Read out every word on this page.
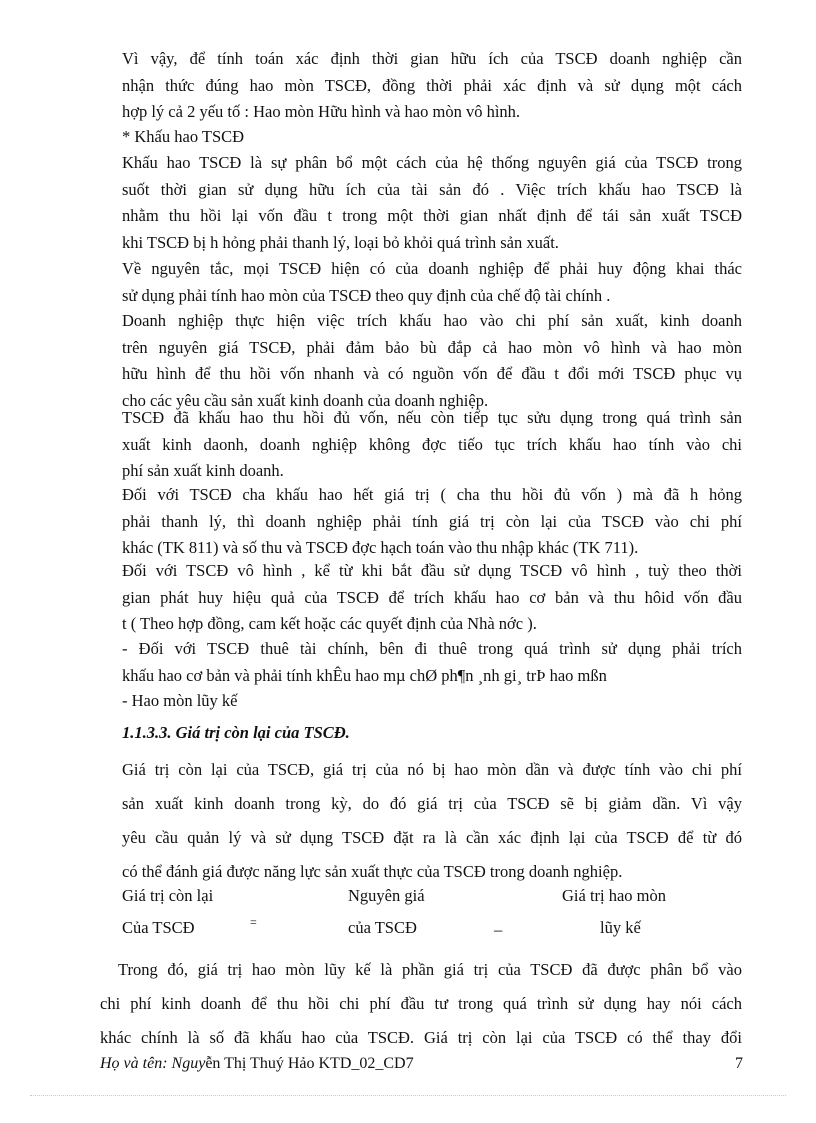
Vì vậy, để tính toán xác định thời gian hữu ích của TSCĐ doanh nghiệp cần
nhận thức đúng hao mòn TSCĐ, đồng thời phải xác định và sử dụng một cách
hợp lý cả 2 yếu tố : Hao mòn Hữu hình và hao mòn vô hình.
* Khấu hao TSCĐ
Khấu hao TSCĐ là sự phân bổ một cách của hệ thống nguyên giá của TSCĐ trong
suốt thời gian sử dụng hữu ích của tài sản đó . Việc trích khấu hao TSCĐ là
nhằm thu hồi lại vốn đầu t trong một thời gian nhất định để tái sản xuất TSCĐ
khi TSCĐ bị h hỏng phải thanh lý, loại bỏ khỏi quá trình sản xuất.
Về nguyên tắc, mọi TSCĐ hiện có của doanh nghiệp để phải huy động khai thác
sử dụng phải tính hao mòn của TSCĐ theo quy định của chế độ tài chính .
Doanh nghiệp thực hiện việc trích khấu hao vào chi phí sản xuất, kinh doanh
trên nguyên giá TSCĐ, phải đảm bảo bù đắp cả hao mòn vô hình và hao mòn
hữu hình để thu hồi vốn nhanh và có nguồn vốn để đầu t đổi mới TSCĐ phục vụ
cho các yêu cầu sản xuất kinh doanh của doanh nghiệp.
TSCĐ đã khấu hao thu hồi đủ vốn, nếu còn tiếp tục sửu dụng trong quá trình sản
xuất kinh daonh, doanh nghiệp không đợc tiếo tục trích khấu hao tính vào chi
phí sản xuất kinh doanh.
Đối với TSCĐ cha khấu hao hết giá trị ( cha thu hồi đủ vốn ) mà đã h hỏng
phải thanh lý, thì doanh nghiệp phải tính giá trị còn lại của TSCĐ vào chi phí
khác (TK 811) và số thu và TSCĐ đợc hạch toán vào thu nhập khác (TK 711).
Đối với TSCĐ vô hình , kể từ khi bắt đầu sử dụng TSCĐ vô hình , tuỳ theo thời
gian phát huy hiệu quả của TSCĐ để trích khấu hao cơ bản và thu hôid vốn đầu
t ( Theo hợp đồng, cam kết hoặc các quyết định của Nhà nớc ).
- Đối với TSCĐ thuê tài chính, bên đi thuê trong quá trình sử dụng phải trích
khấu hao cơ bản và phải tính khÊu hao mµ chØ ph¶n ¸nh gi¸ trÞ hao mßn
- Hao mòn lũy kế
1.1.3.3. Giá trị còn lại của TSCĐ.
Giá trị còn lại của TSCĐ, giá trị của nó bị hao mòn dần và được tính vào chi phí
sản xuất kinh doanh trong kỳ, do đó giá trị của TSCĐ sẽ bị giảm dần. Vì vậy
yêu cầu quản lý và sử dụng TSCĐ đặt ra là cần xác định lại của TSCĐ để từ đó
có thể đánh giá được năng lực sản xuất thực của TSCĐ trong doanh nghiệp.
Giá trị còn lại
Của TSCĐ	=
Nguyên giá
của TSCĐ	–
Giá trị hao mòn
lũy kế
Trong đó, giá trị hao mòn lũy kế là phần giá trị của TSCĐ đã được phân bổ vào
chi phí kinh doanh để thu hồi chi phí đầu tư trong quá trình sử dụng hay nói cách
khác chính là số đã khấu hao của TSCĐ. Giá trị còn lại của TSCĐ có thể thay đổi
Họ và tên: Nguyễn Thị Thuý Hảo KTD_02_CD7	7
